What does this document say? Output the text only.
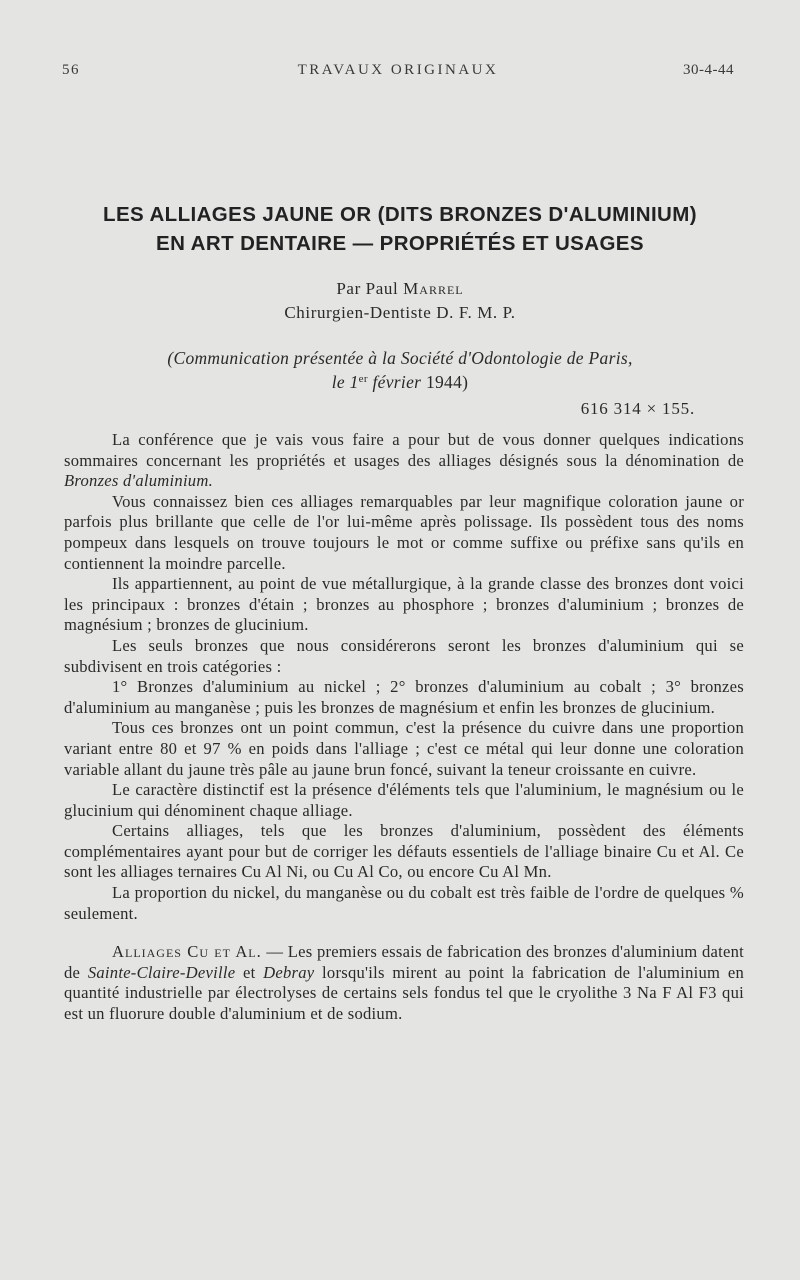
56	TRAVAUX ORIGINAUX	30-4-44
LES ALLIAGES JAUNE OR (DITS BRONZES D'ALUMINIUM)
EN ART DENTAIRE — PROPRIÉTÉS ET USAGES
Par Paul Marrel
Chirurgien-Dentiste D. F. M. P.
(Communication présentée à la Société d'Odontologie de Paris,
le 1er février 1944)
616 314 × 155.

La conférence que je vais vous faire a pour but de vous donner quelques indications sommaires concernant les propriétés et usages des alliages désignés sous la dénomination de Bronzes d'aluminium.

Vous connaissez bien ces alliages remarquables par leur magnifique coloration jaune or parfois plus brillante que celle de l'or lui-même après polissage. Ils possèdent tous des noms pompeux dans lesquels on trouve toujours le mot or comme suffixe ou préfixe sans qu'ils en contiennent la moindre parcelle.

Ils appartiennent, au point de vue métallurgique, à la grande classe des bronzes dont voici les principaux : bronzes d'étain ; bronzes au phosphore ; bronzes d'aluminium ; bronzes de magnésium ; bronzes de glucinium.

Les seuls bronzes que nous considérerons seront les bronzes d'aluminium qui se subdivisent en trois catégories :

1° Bronzes d'aluminium au nickel ; 2° bronzes d'aluminium au cobalt ; 3° bronzes d'aluminium au manganèse ; puis les bronzes de magnésium et enfin les bronzes de glucinium.

Tous ces bronzes ont un point commun, c'est la présence du cuivre dans une proportion variant entre 80 et 97 % en poids dans l'alliage ; c'est ce métal qui leur donne une coloration variable allant du jaune très pâle au jaune brun foncé, suivant la teneur croissante en cuivre.

Le caractère distinctif est la présence d'éléments tels que l'aluminium, le magnésium ou le glucinium qui dénominent chaque alliage.

Certains alliages, tels que les bronzes d'aluminium, possèdent des éléments complémentaires ayant pour but de corriger les défauts essentiels de l'alliage binaire Cu et Al. Ce sont les alliages ternaires Cu Al Ni, ou Cu Al Co, ou encore Cu Al Mn.

La proportion du nickel, du manganèse ou du cobalt est très faible de l'ordre de quelques % seulement.

Alliages Cu et Al. — Les premiers essais de fabrication des bronzes d'aluminium datent de Sainte-Claire-Deville et Debray lorsqu'ils mirent au point la fabrication de l'aluminium en quantité industrielle par électrolyses de certains sels fondus tel que le cryolithe 3 Na F Al F3 qui est un fluorure double d'aluminium et de sodium.
